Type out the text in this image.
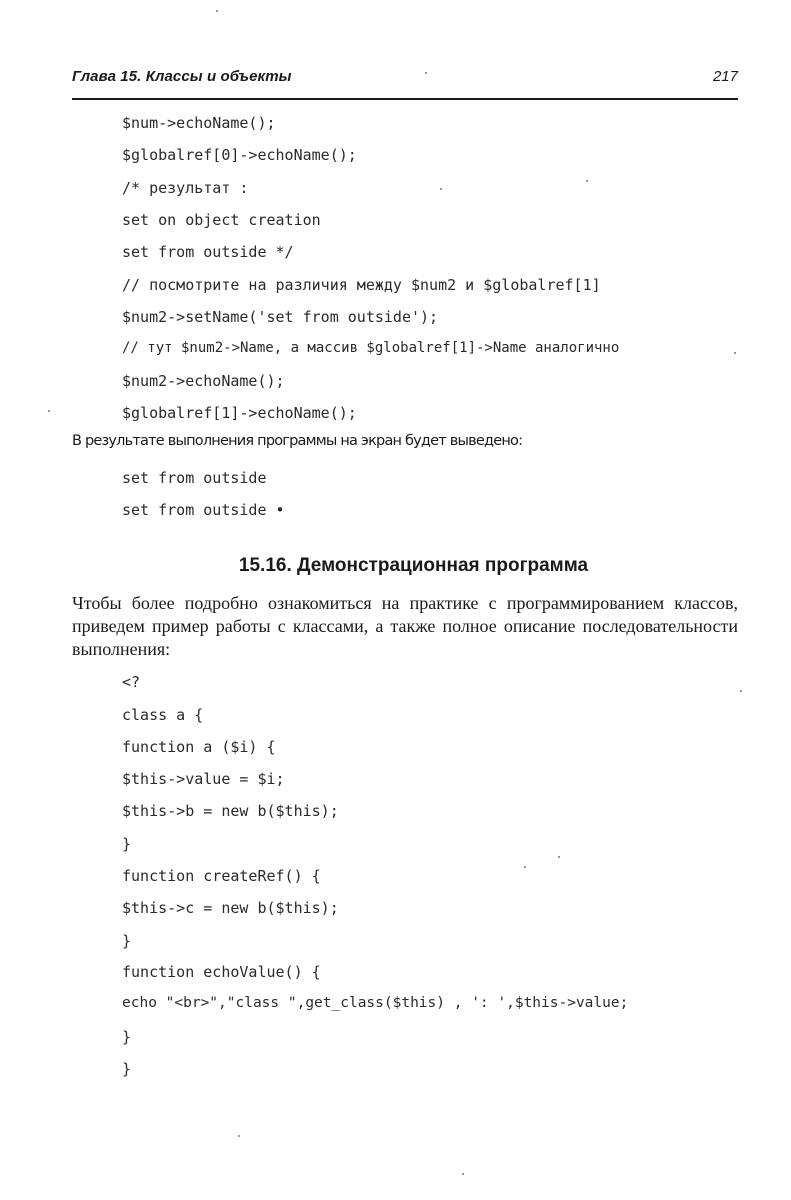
Глава 15. Классы и объекты	217
$num->echoName();
$globalref[0]->echoName();
/* результат :
set on object creation
set from outside */
// посмотрите на различия между $num2 и $globalref[1]
$num2->setName('set from outside');
// тут $num2->Name, а массив $globalref[1]->Name аналогично
$num2->echoName();
$globalref[1]->echoName();

В результате выполнения программы на экран будет выведено:

set from outside
set from outside •
15.16. Демонстрационная программа

Чтобы более подробно ознакомиться на практике с программированием классов, приведем пример работы с классами, а также полное описание последовательности выполнения:

<?
class a {
function a ($i) {
$this->value = $i;
$this->b = new b($this);
}
function createRef() {
$this->c = new b($this);
}
function echoValue() {
echo "<br>","class ",get_class($this) , ': ',$this->value;
}
}
